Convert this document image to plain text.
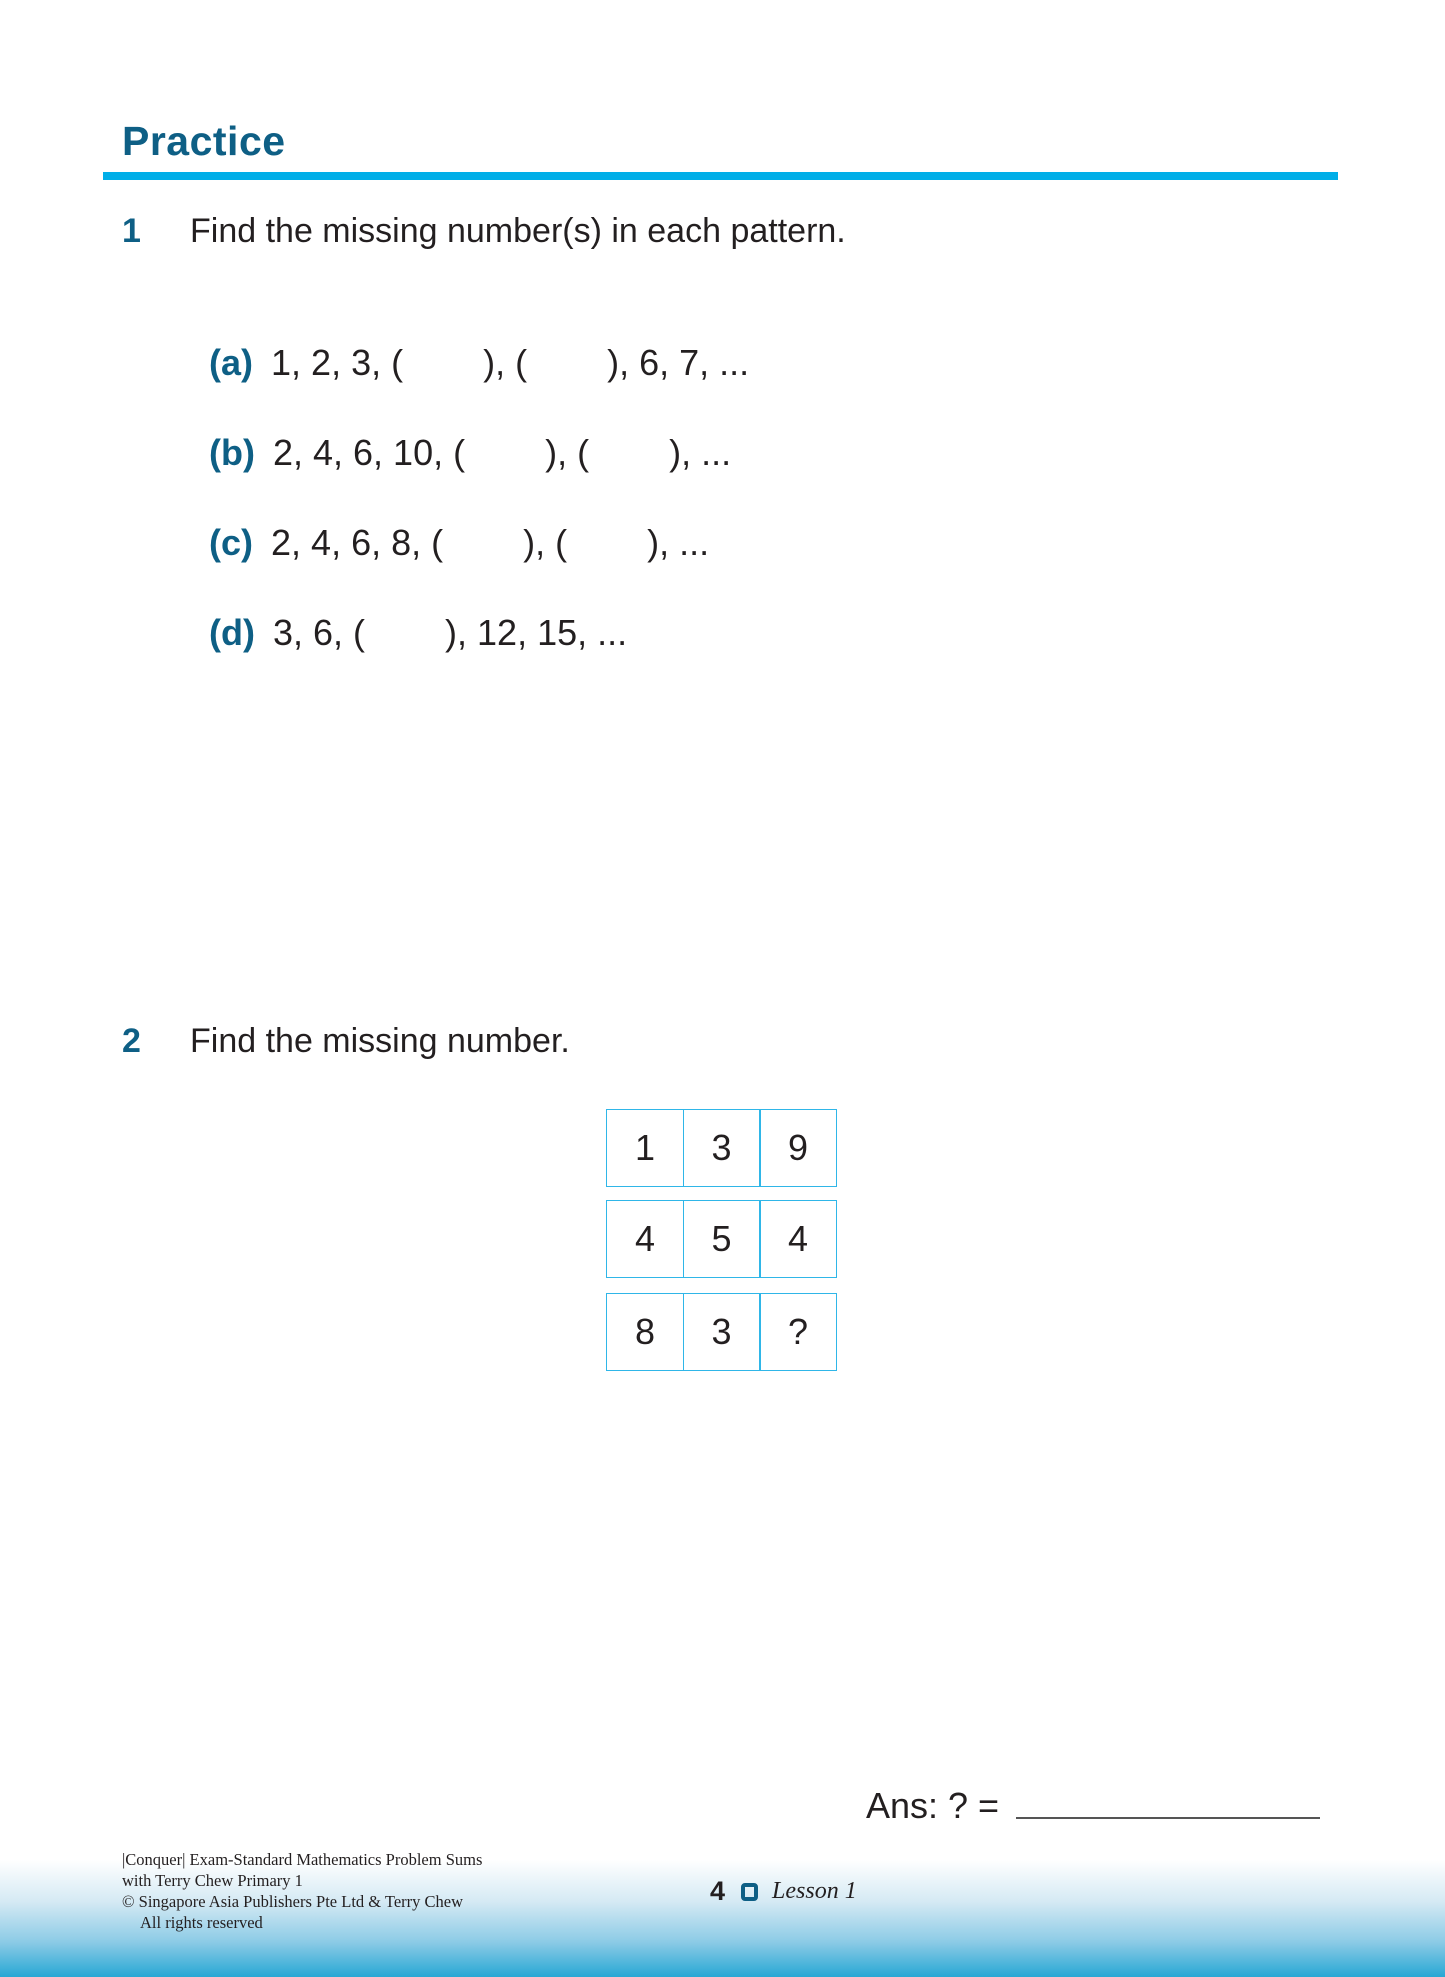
Practice
1 Find the missing number(s) in each pattern.

(a) 1, 2, 3, (        ), (        ), 6, 7, ...

(b) 2, 4, 6, 10, (        ), (        ), ...

(c) 2, 4, 6, 8, (        ), (        ), ...

(d) 3, 6, (        ), 12, 15, ...

2 Find the missing number.
1	3	9
4	5	4
8	3	?
Ans: ? =
|Conquer| Exam-Standard Mathematics Problem Sums
with Terry Chew Primary 1
© Singapore Asia Publishers Pte Ltd & Terry Chew
All rights reserved
4 Lesson 1
